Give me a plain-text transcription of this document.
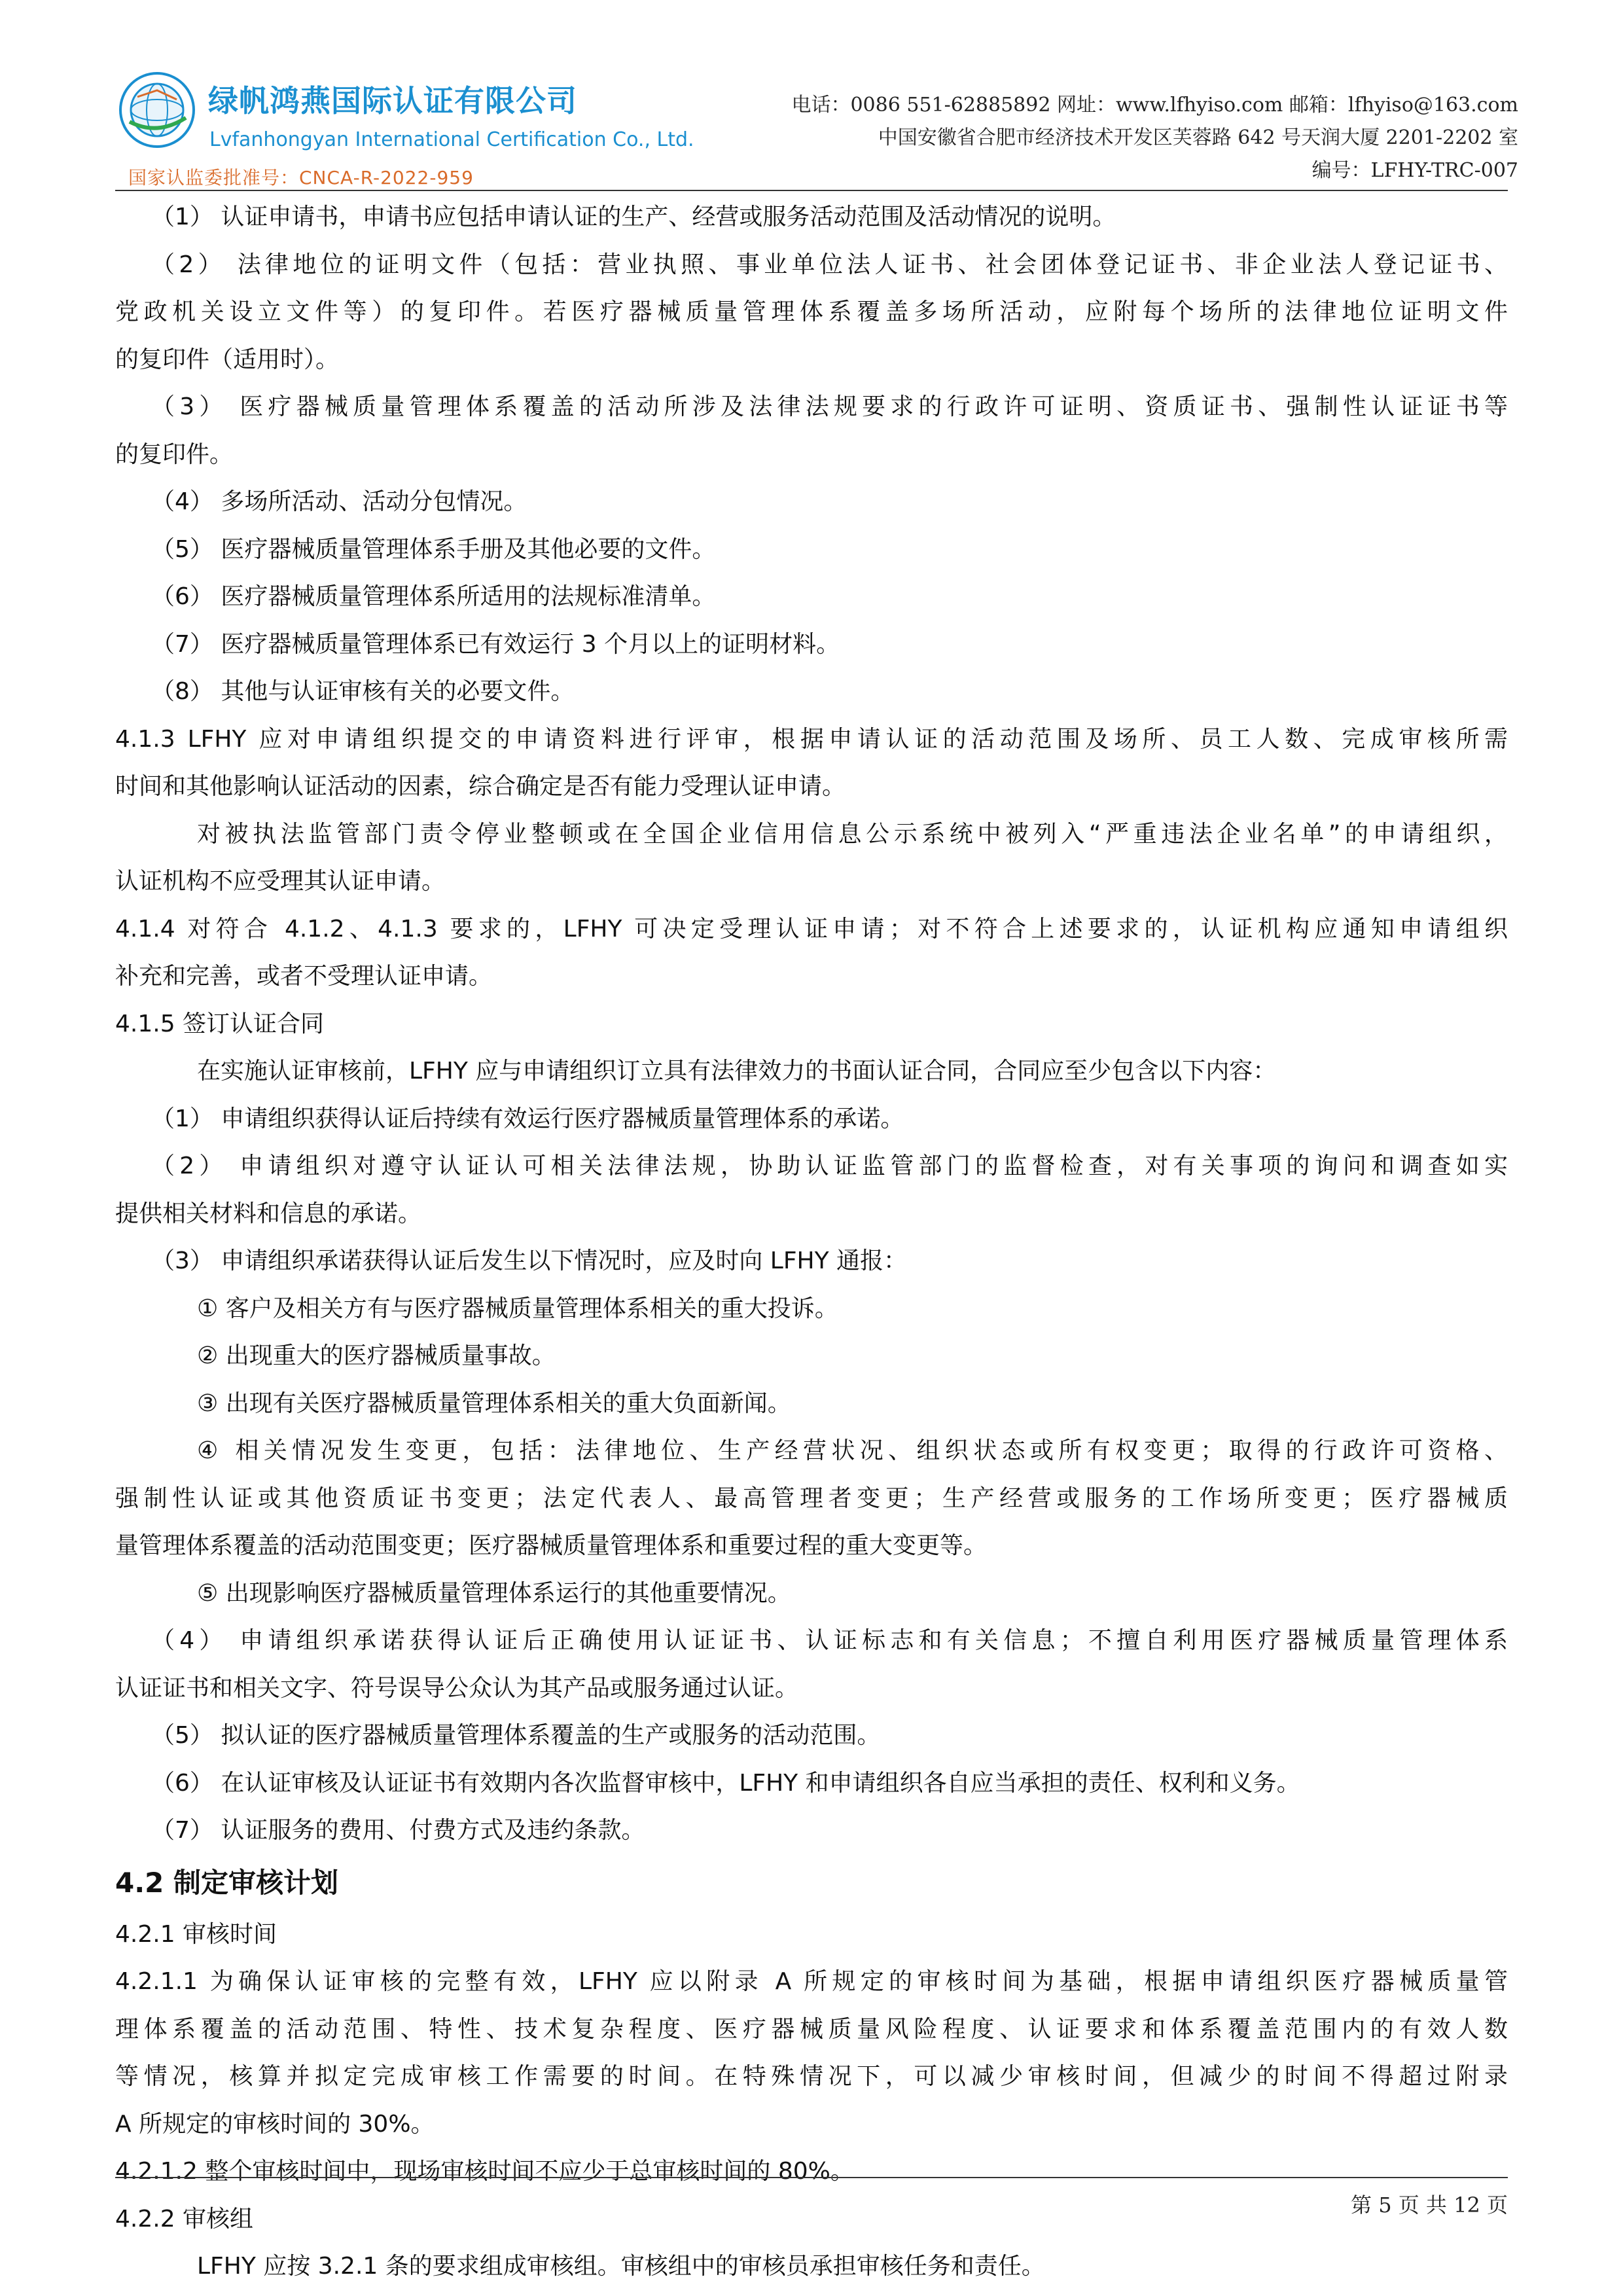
绿帆鸿燕国际认证有限公司
Lvfanhongyan International Certification Co., Ltd.
国家认监委批准号：CNCA-R-2022-959
电话：0086 551-62885892 网址：www.lfhyiso.com 邮箱：lfhyiso@163.com
中国安徽省合肥市经济技术开发区芙蓉路 642 号天润大厦 2201-2202 室
编号：LFHY-TRC-007

（1） 认证申请书，申请书应包括申请认证的生产、经营或服务活动范围及活动情况的说明。

（2） 法律地位的证明文件（包括：营业执照、事业单位法人证书、社会团体登记证书、非企业法人登记证书、

党政机关设立文件等）的复印件。若医疗器械质量管理体系覆盖多场所活动，应附每个场所的法律地位证明文件

的复印件（适用时）。

（3） 医疗器械质量管理体系覆盖的活动所涉及法律法规要求的行政许可证明、资质证书、强制性认证证书等

的复印件。

（4） 多场所活动、活动分包情况。

（5） 医疗器械质量管理体系手册及其他必要的文件。

（6） 医疗器械质量管理体系所适用的法规标准清单。

（7） 医疗器械质量管理体系已有效运行 3 个月以上的证明材料。

（8） 其他与认证审核有关的必要文件。

4.1.3 LFHY 应对申请组织提交的申请资料进行评审，根据申请认证的活动范围及场所、员工人数、完成审核所需

时间和其他影响认证活动的因素，综合确定是否有能力受理认证申请。

对被执法监管部门责令停业整顿或在全国企业信用信息公示系统中被列入“严重违法企业名单”的申请组织，

认证机构不应受理其认证申请。

4.1.4 对符合 4.1.2、4.1.3 要求的，LFHY 可决定受理认证申请；对不符合上述要求的，认证机构应通知申请组织

补充和完善，或者不受理认证申请。

4.1.5 签订认证合同

在实施认证审核前，LFHY 应与申请组织订立具有法律效力的书面认证合同，合同应至少包含以下内容：

（1） 申请组织获得认证后持续有效运行医疗器械质量管理体系的承诺。

（2） 申请组织对遵守认证认可相关法律法规，协助认证监管部门的监督检查，对有关事项的询问和调查如实

提供相关材料和信息的承诺。

（3） 申请组织承诺获得认证后发生以下情况时，应及时向 LFHY 通报：

① 客户及相关方有与医疗器械质量管理体系相关的重大投诉。

② 出现重大的医疗器械质量事故。

③ 出现有关医疗器械质量管理体系相关的重大负面新闻。

④ 相关情况发生变更，包括：法律地位、生产经营状况、组织状态或所有权变更；取得的行政许可资格、

强制性认证或其他资质证书变更；法定代表人、最高管理者变更；生产经营或服务的工作场所变更；医疗器械质

量管理体系覆盖的活动范围变更；医疗器械质量管理体系和重要过程的重大变更等。

⑤ 出现影响医疗器械质量管理体系运行的其他重要情况。

（4） 申请组织承诺获得认证后正确使用认证证书、认证标志和有关信息；不擅自利用医疗器械质量管理体系

认证证书和相关文字、符号误导公众认为其产品或服务通过认证。

（5） 拟认证的医疗器械质量管理体系覆盖的生产或服务的活动范围。

（6） 在认证审核及认证证书有效期内各次监督审核中，LFHY 和申请组织各自应当承担的责任、权利和义务。

（7） 认证服务的费用、付费方式及违约条款。

4.2 制定审核计划

4.2.1 审核时间

4.2.1.1 为确保认证审核的完整有效，LFHY 应以附录 A 所规定的审核时间为基础，根据申请组织医疗器械质量管

理体系覆盖的活动范围、特性、技术复杂程度、医疗器械质量风险程度、认证要求和体系覆盖范围内的有效人数

等情况，核算并拟定完成审核工作需要的时间。在特殊情况下，可以减少审核时间，但减少的时间不得超过附录

A 所规定的审核时间的 30%。

4.2.1.2 整个审核时间中，现场审核时间不应少于总审核时间的 80%。

4.2.2 审核组

LFHY 应按 3.2.1 条的要求组成审核组。审核组中的审核员承担审核任务和责任。

第 5 页 共 12 页
